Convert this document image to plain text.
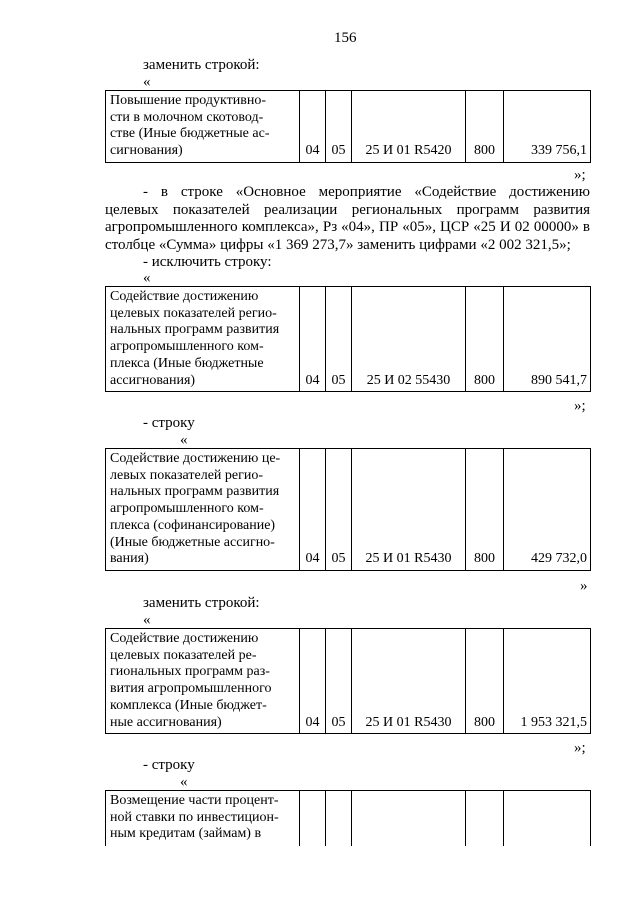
156
заменить строкой:
«
Повышение продуктивно-
сти в молочном скотовод-
стве (Иные бюджетные ас-
сигнования)	04	05	25 И 01 R5420	800	339 756,1
»;
- в строке «Основное мероприятие «Содействие достижению целевых показателей реализации региональных программ развития агропромышленного комплекса», Рз «04», ПР «05», ЦСР «25 И 02 00000» в столбце «Сумма» цифры «1 369 273,7» заменить цифрами «2 002 321,5»;
- исключить строку:
«
Содействие достижению
целевых показателей регио-
нальных программ развития
агропромышленного ком-
плекса (Иные бюджетные
ассигнования)	04	05	25 И 02 55430	800	890 541,7
»;
- строку
«
Содействие достижению це-
левых показателей регио-
нальных программ развития
агропромышленного ком-
плекса (софинансирование)
(Иные бюджетные ассигно-
вания)	04	05	25 И 01 R5430	800	429 732,0
»
заменить строкой:
«
Содействие достижению
целевых показателей ре-
гиональных программ раз-
вития агропромышленного
комплекса (Иные бюджет-
ные ассигнования)	04	05	25 И 01 R5430	800	1 953 321,5
»;
- строку
«
Возмещение части процент-
ной ставки по инвестицион-
ным кредитам (займам) в					
